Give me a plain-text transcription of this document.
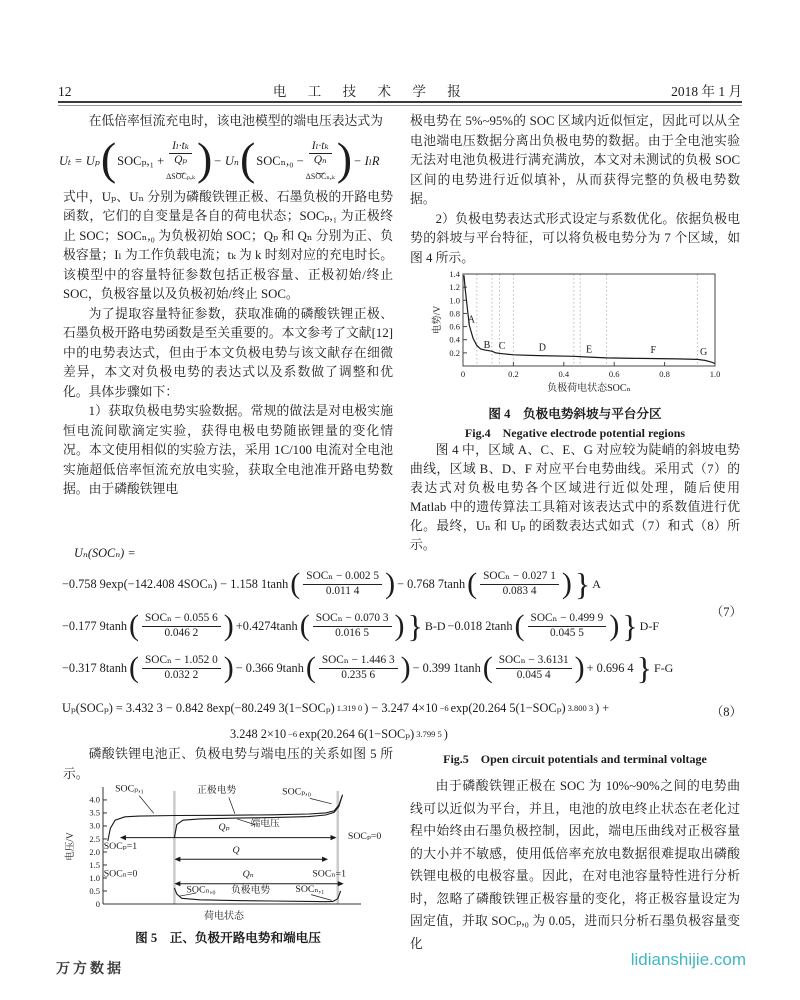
12	电 工 技 术 学 报	2018 年 1 月
在低倍率恒流充电时，该电池模型的端电压表达式为
Uₜ = Uₚ ( SOCₚ,₁ +
Iₗ·tₖ
Qₚ
⏟
ΔSOCₚ,ₖ ) − Uₙ ( SOCₙ,₀ −
Iₗ·tₖ
Qₙ
⏟
ΔSOCₙ,ₖ ) − IₗR
式中，Uₚ、Uₙ 分别为磷酸铁锂正极、石墨负极的开路电势函数，它们的自变量是各自的荷电状态；SOCₚ,₁ 为正极终止 SOC；SOCₙ,₀ 为负极初始 SOC；Qₚ 和 Qₙ 分别为正、负极容量；Iₗ 为工作负载电流；tₖ 为 k 时刻对应的充电时长。该模型中的容量特征参数包括正极容量、正极初始/终止 SOC，负极容量以及负极初始/终止 SOC。
为了提取容量特征参数，获取准确的磷酸铁锂正极、石墨负极开路电势函数是至关重要的。本文参考了文献[12]中的电势表达式，但由于本文负极电势与该文献存在细微差异，本文对负极电势的表达式以及系数做了调整和优化。具体步骤如下：
1）获取负极电势实验数据。常规的做法是对电极实施恒电流间歇滴定实验，获得电极电势随嵌锂量的变化情况。本文使用相似的实验方法，采用 1C/100 电流对全电池实施超低倍率恒流充放电实验，获取全电池准开路电势数据。由于磷酸铁锂电
极电势在 5%~95%的 SOC 区域内近似恒定，因此可以从全电池端电压数据分离出负极电势的数据。由于全电池实验无法对电池负极进行满充满放，本文对未测试的负极 SOC 区间的电势进行近似填补，从而获得完整的负极电势数据。
2）负极电势表达式形式设定与系数优化。依据负极电势的斜坡与平台特征，可以将负极电势分为 7 个区域，如图 4 所示。
0.2
0.4
0.6
0.8
1.0
1.2
1.4
0	0.2	0.4	0.6	0.8	1.0
A
B C	D	E	F	G
电势/V
负极荷电状态SOCₙ
图 4　负极电势斜坡与平台分区
Fig.4　Negative electrode potential regions
图 4 中，区域 A、C、E、G 对应较为陡峭的斜坡电势曲线，区域 B、D、F 对应平台电势曲线。采用式（7）的表达式对负极电势各个区域进行近似处理，随后使用 Matlab 中的遗传算法工具箱对该表达式中的系数值进行优化。最终，Uₙ 和 Uₚ 的函数表达式如式（7）和式（8）所示。
Uₙ(SOCₙ) =
−0.758 9exp(−142.408 4SOCₙ) − 1.158 1tanh ( $\frac{\text{SOCₙ − 0.002 5}}{0.011 4}$ ) − 0.768 7tanh ( $\frac{\text{SOCₙ − 0.027 1}}{0.083 4}$ ) } A
−0.177 9tanh ( $\frac{\text{SOCₙ − 0.055 6}}{0.046 2}$ ) +0.4274tanh ( $\frac{\text{SOCₙ − 0.070 3}}{0.016 5}$ ) } B-D −0.018 2tanh ( $\frac{\text{SOCₙ − 0.499 9}}{0.045 5}$ ) } D-F
−0.317 8tanh ( $\frac{\text{SOCₙ − 1.052 0}}{0.032 2}$ ) − 0.366 9tanh ( $\frac{\text{SOCₙ − 1.446 3}}{0.235 6}$ ) − 0.399 1tanh ( $\frac{\text{SOCₙ − 3.6131}}{0.045 4}$ ) + 0.696 4 } F-G
（7）
Uₚ(SOCₚ) = 3.432 3 − 0.842 8exp(−80.249 3(1−SOCₚ) 1.319 0 ) − 3.247 4×10 −6 exp(20.264 5(1−SOCₚ) 3.800 3 ) +
3.248 2×10 −6 exp(20.264 6(1−SOCₚ) 3.799 5 )
（8）
磷酸铁锂电池正、负极电势与端电压的关系如图 5 所示。
0
0.5
1.0
1.5
2.0
2.5
3.0
3.5
4.0
SOCₚ,₁	正极电势	SOCₚ,₀
端电压
Qₚ
SOCₚ=1
SOCₚ=0
Q
SOCₙ=0	Qₙ	SOCₙ=1
SOCₙ,₀ 负极电势	SOCₙ,₁
电压/V
荷电状态
图 5　正、负极开路电势和端电压
Fig.5　Open circuit potentials and terminal voltage
由于磷酸铁锂正极在 SOC 为 10%~90%之间的电势曲线可以近似为平台，并且，电池的放电终止状态在老化过程中始终由石墨负极控制，因此，端电压曲线对正极容量的大小并不敏感，使用低倍率充放电数据很难提取出磷酸铁锂电极的电极容量。因此，在对电池容量特性进行分析时，忽略了磷酸铁锂正极容量的变化，将正极容量设定为固定值，并取 SOCₚ,₀ 为 0.05，进而只分析石墨负极容量变化
万方数据
lidianshijie.com
